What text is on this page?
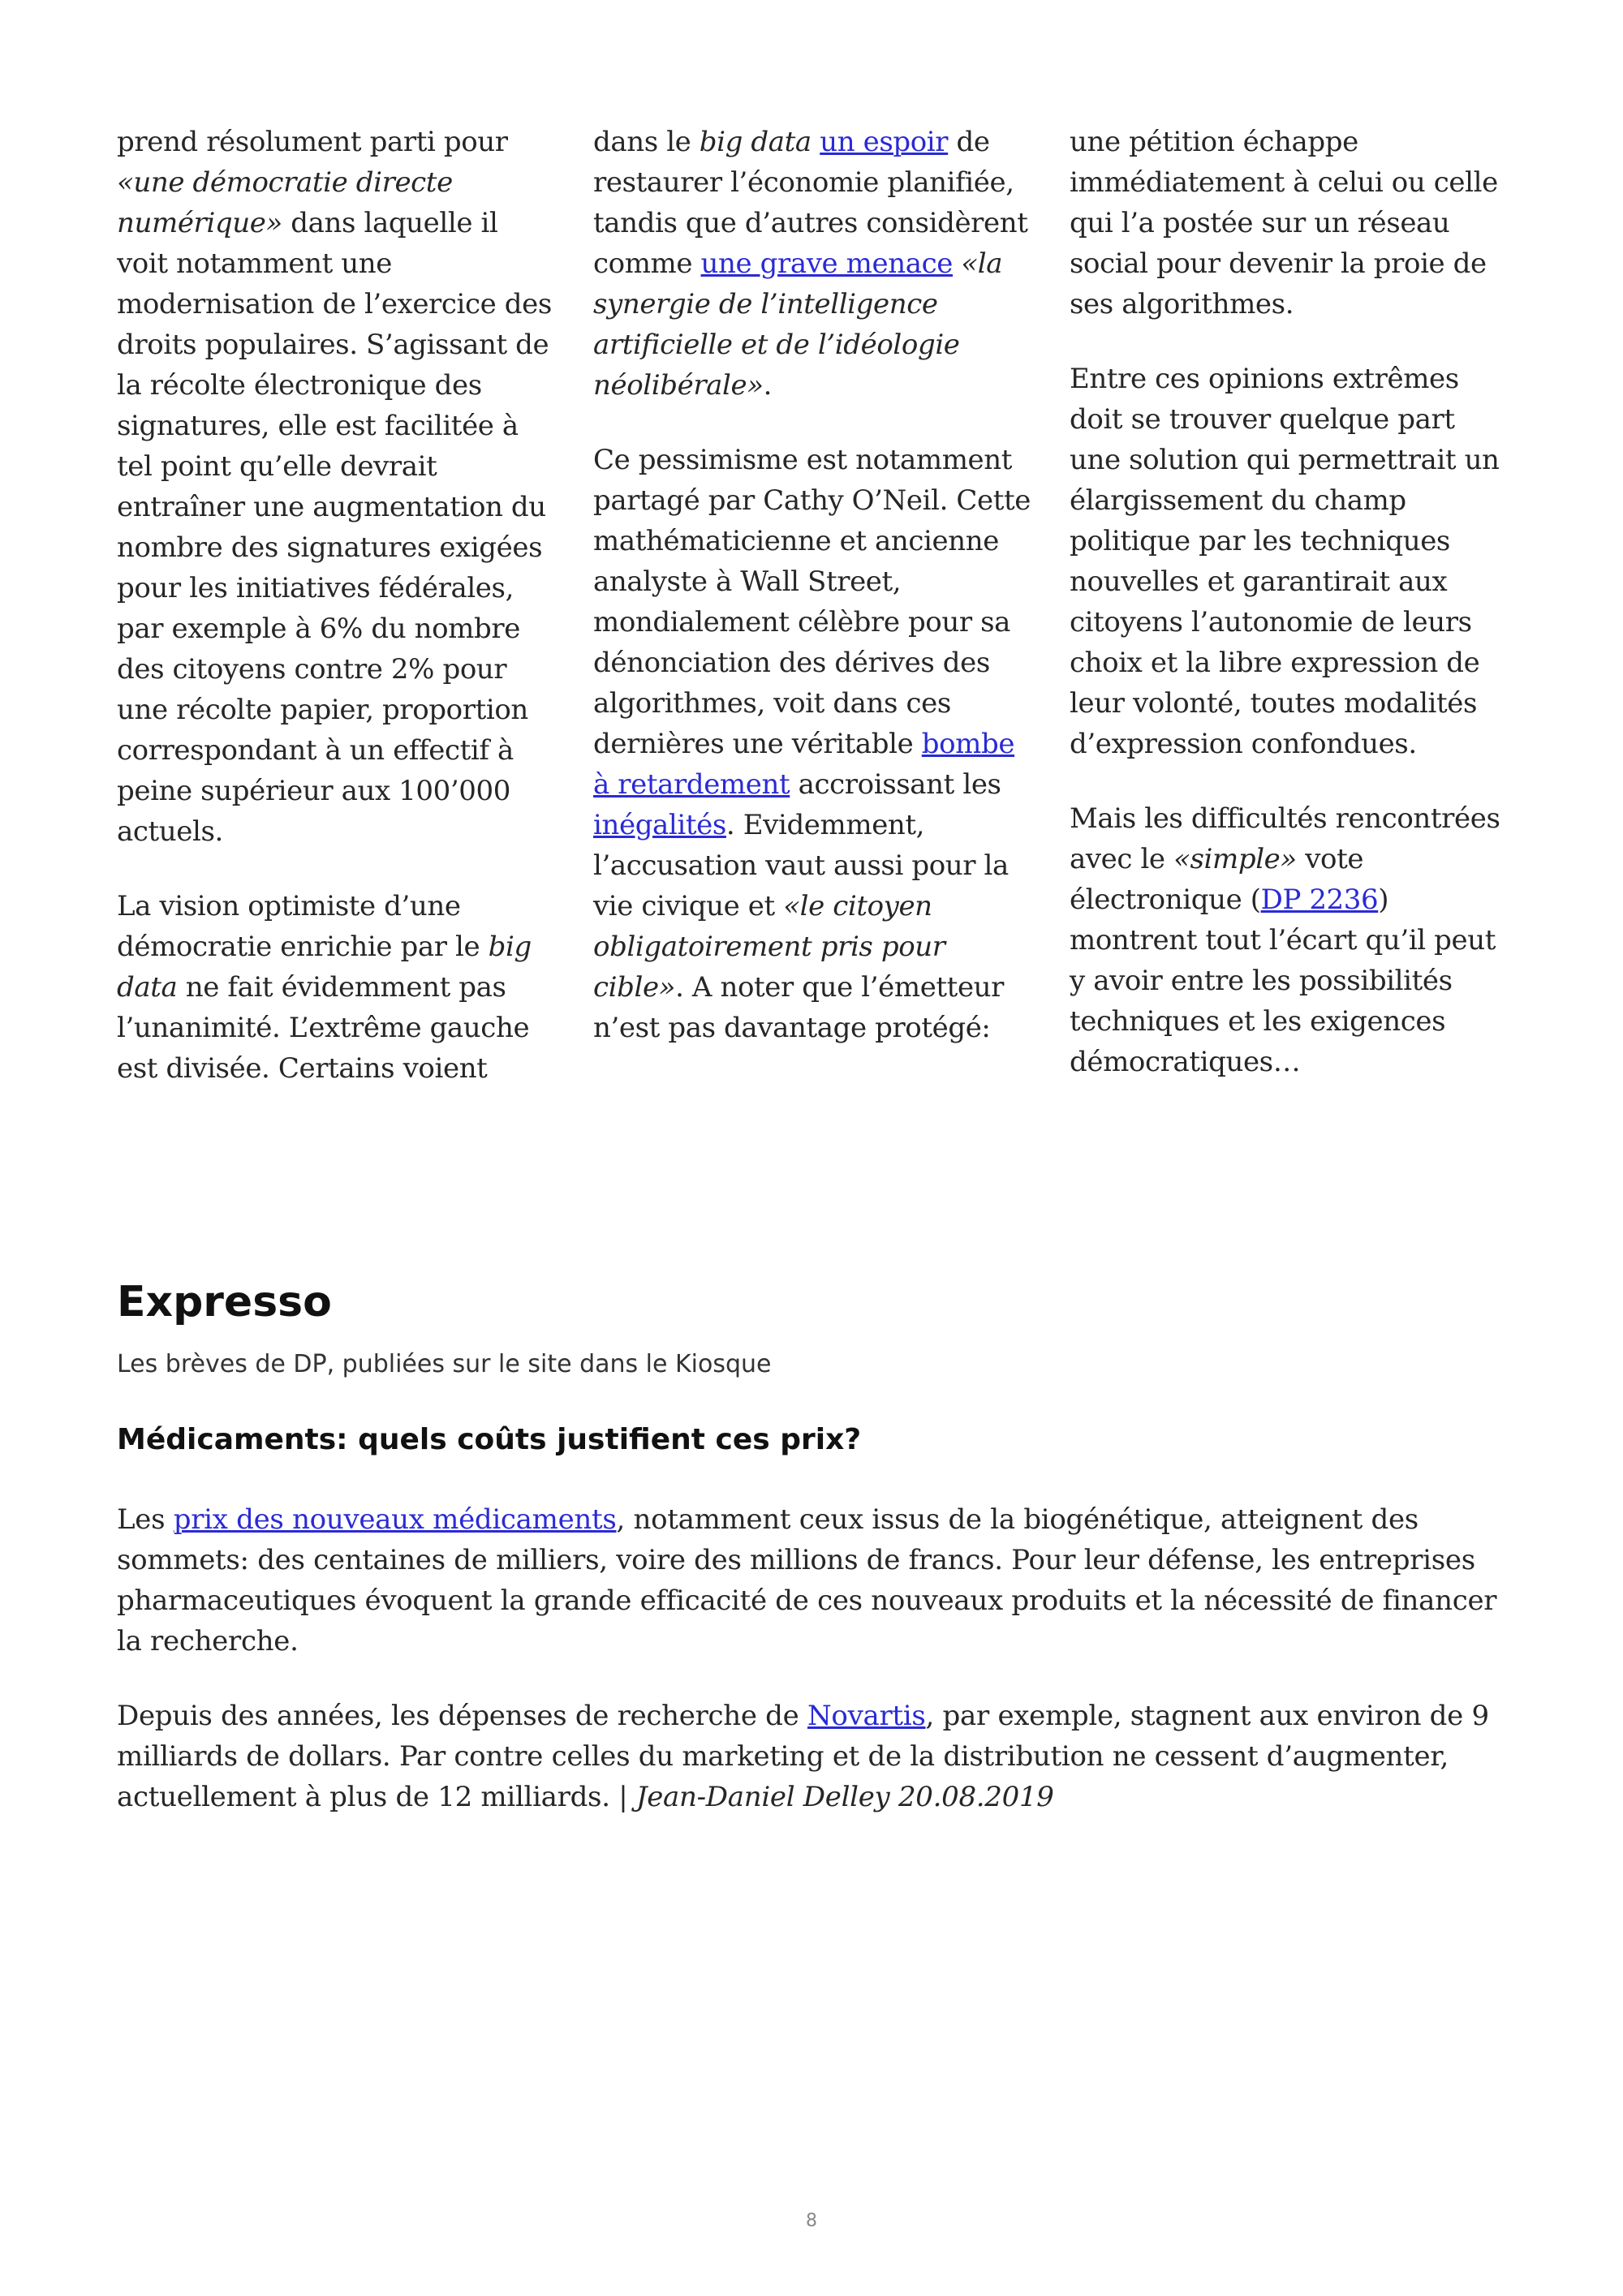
prend résolument parti pour «une démocratie directe numérique» dans laquelle il voit notamment une modernisation de l’exercice des droits populaires. S’agissant de la récolte électronique des signatures, elle est facilitée à tel point qu’elle devrait entraîner une augmentation du nombre des signatures exigées pour les initiatives fédérales, par exemple à 6% du nombre des citoyens contre 2% pour une récolte papier, proportion correspondant à un effectif à peine supérieur aux 100’000 actuels.

La vision optimiste d’une démocratie enrichie par le big data ne fait évidemment pas l’unanimité. L’extrême gauche est divisée. Certains voient

dans le big data un espoir de restaurer l’économie planifiée, tandis que d’autres considèrent comme une grave menace «la synergie de l’intelligence artificielle et de l’idéologie néolibérale».

Ce pessimisme est notamment partagé par Cathy O’Neil. Cette mathématicienne et ancienne analyste à Wall Street, mondialement célèbre pour sa dénonciation des dérives des algorithmes, voit dans ces dernières une véritable bombe à retardement accroissant les inégalités. Evidemment, l’accusation vaut aussi pour la vie civique et «le citoyen obligatoirement pris pour cible». A noter que l’émetteur n’est pas davantage protégé:

une pétition échappe immédiatement à celui ou celle qui l’a postée sur un réseau social pour devenir la proie de ses algorithmes.

Entre ces opinions extrêmes doit se trouver quelque part une solution qui permettrait un élargissement du champ politique par les techniques nouvelles et garantirait aux citoyens l’autonomie de leurs choix et la libre expression de leur volonté, toutes modalités d’expression confondues.

Mais les difficultés rencontrées avec le «simple» vote électronique (DP 2236) montrent tout l’écart qu’il peut y avoir entre les possibilités techniques et les exigences démocratiques…

Expresso
Les brèves de DP, publiées sur le site dans le Kiosque
Médicaments: quels coûts justifient ces prix?

Les prix des nouveaux médicaments, notamment ceux issus de la biogénétique, atteignent des sommets: des centaines de milliers, voire des millions de francs. Pour leur défense, les entreprises pharmaceutiques évoquent la grande efficacité de ces nouveaux produits et la nécessité de financer la recherche.

Depuis des années, les dépenses de recherche de Novartis, par exemple, stagnent aux environ de 9 milliards de dollars. Par contre celles du marketing et de la distribution ne cessent d’augmenter, actuellement à plus de 12 milliards. | Jean-Daniel Delley 20.08.2019

8
